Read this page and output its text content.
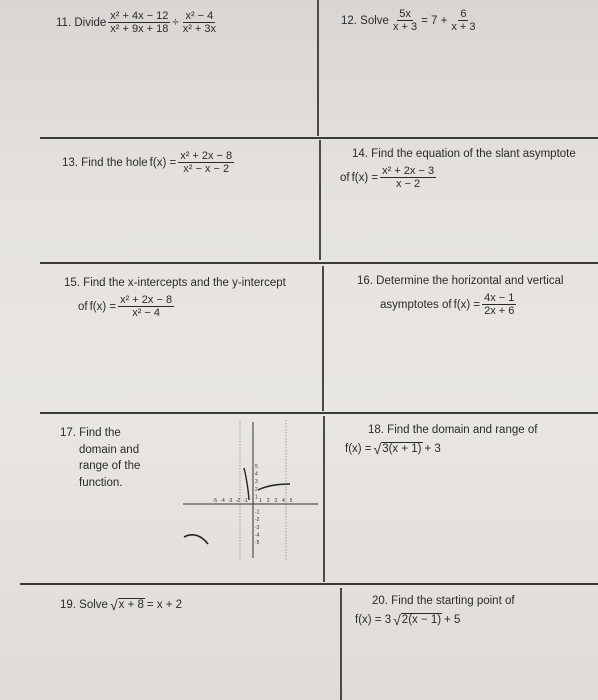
11. Divide $\frac{\text{x² + 4x − 12}}{\text{x² + 9x + 18}} \div \frac{\text{x² − 4}}{\text{x² + 3x}}$	12. Solve $\frac{5x}{x + 3} = 7 + \frac{6}{x + 3}$
13. Find the hole $f(x) = \frac{\text{x² + 2x − 8}}{\text{x² − x − 2}}$	14. Find the equation of the slant asymptote
of $f(x) = \frac{\text{x² + 2x − 3}}{x - 2}$
15. Find the x-intercepts and the y-intercept
of $f(x) = \frac{\text{x² + 2x − 8}}{\text{x² − 4}}$
16. Determine the horizontal and vertical
asymptotes of $f(x) = \frac{4x - 1}{2x + 6}$
17. Find the
domain and
range of the
function.
-5 -4 -3 -2 -1 1 2 3 4 5
5
4
3
2
1
-1
-2
-3
-4
-5
18. Find the domain and range of
f(x) = √ 3(x + 1) + 3
19. Solve √ x + 8 = x + 2	20. Find the starting point of
f(x) = 3 √ 2(x − 1) + 5
